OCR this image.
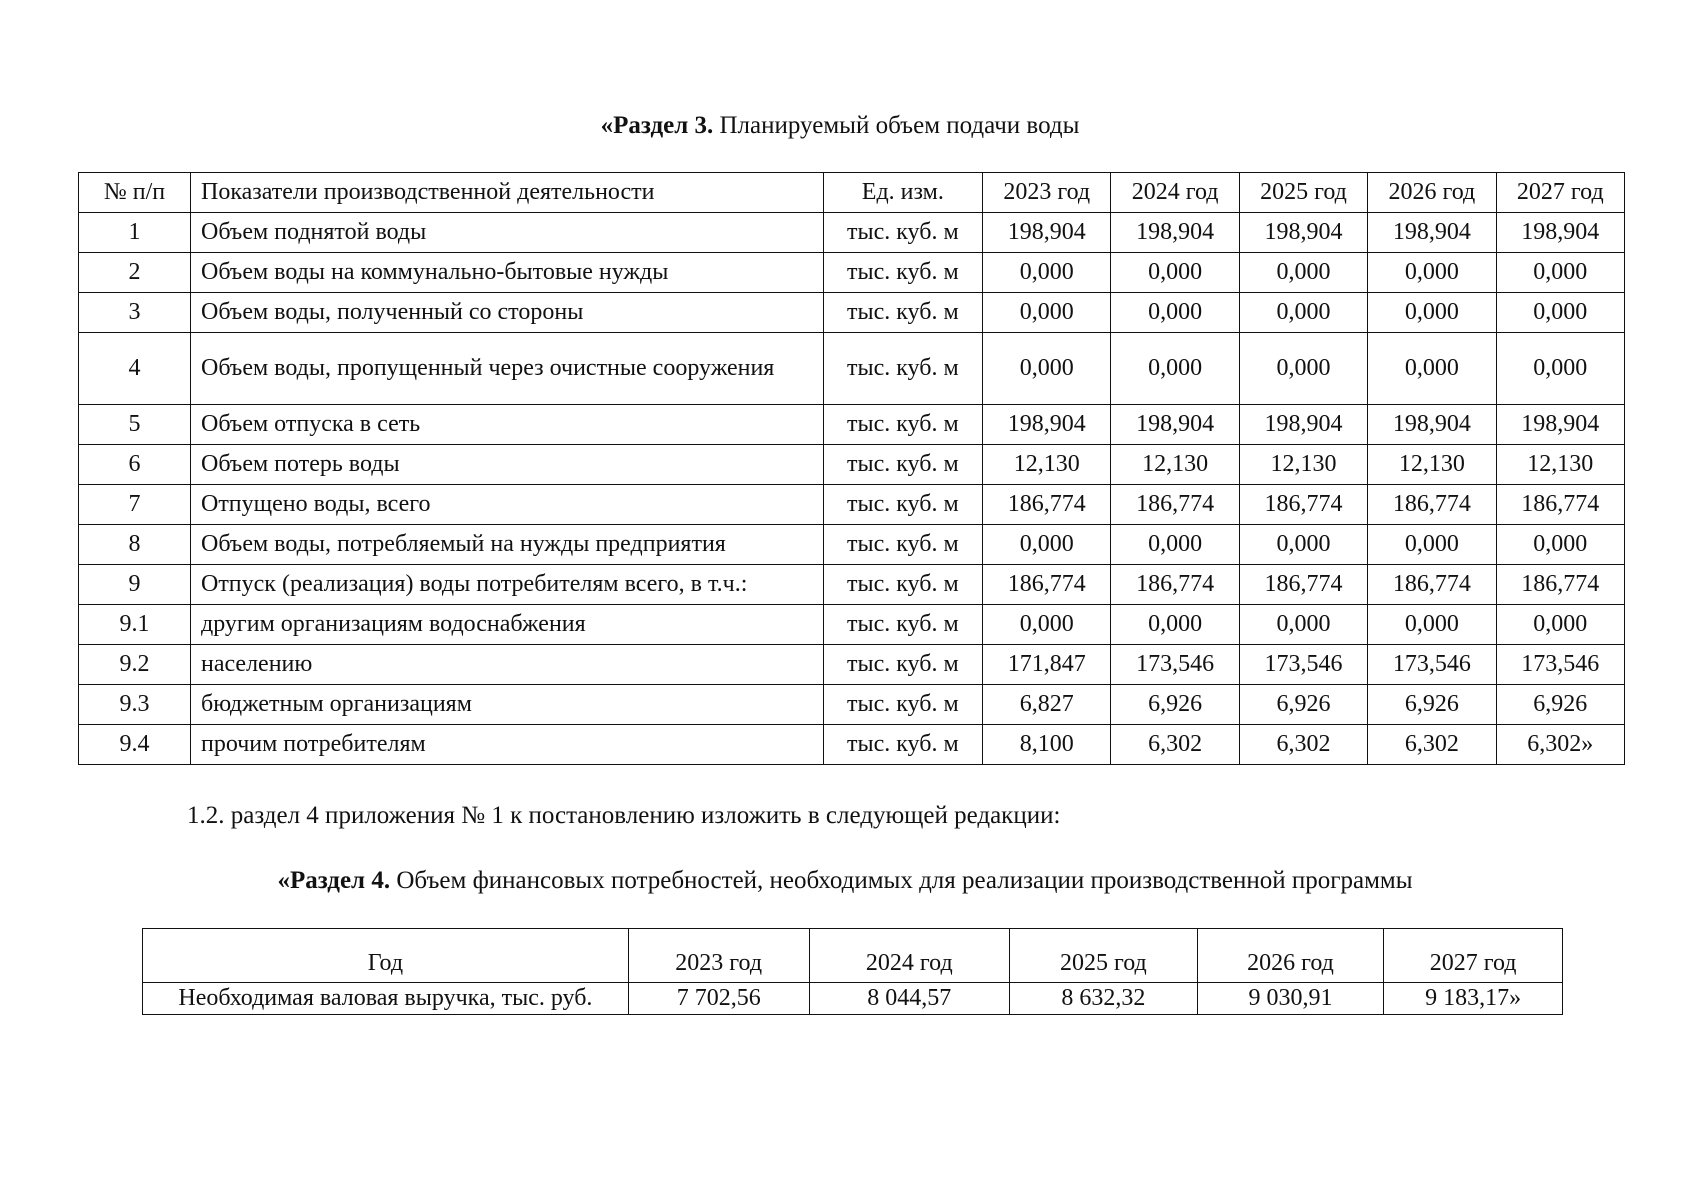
«Раздел 3. Планируемый объем подачи воды
№ п/п	Показатели производственной деятельности	Ед. изм.	2023 год	2024 год	2025 год	2026 год	2027 год
1	Объем поднятой воды	тыс. куб. м	198,904	198,904	198,904	198,904	198,904
2	Объем воды на коммунально-бытовые нужды	тыс. куб. м	0,000	0,000	0,000	0,000	0,000
3	Объем воды, полученный со стороны	тыс. куб. м	0,000	0,000	0,000	0,000	0,000
4	Объем воды, пропущенный через очистные сооружения	тыс. куб. м	0,000	0,000	0,000	0,000	0,000
5	Объем отпуска в сеть	тыс. куб. м	198,904	198,904	198,904	198,904	198,904
6	Объем потерь воды	тыс. куб. м	12,130	12,130	12,130	12,130	12,130
7	Отпущено воды, всего	тыс. куб. м	186,774	186,774	186,774	186,774	186,774
8	Объем воды, потребляемый на нужды предприятия	тыс. куб. м	0,000	0,000	0,000	0,000	0,000
9	Отпуск (реализация) воды потребителям всего, в т.ч.:	тыс. куб. м	186,774	186,774	186,774	186,774	186,774
9.1	другим организациям водоснабжения	тыс. куб. м	0,000	0,000	0,000	0,000	0,000
9.2	населению	тыс. куб. м	171,847	173,546	173,546	173,546	173,546
9.3	бюджетным организациям	тыс. куб. м	6,827	6,926	6,926	6,926	6,926
9.4	прочим потребителям	тыс. куб. м	8,100	6,302	6,302	6,302	6,302»
1.2. раздел 4 приложения № 1 к постановлению изложить в следующей редакции:
«Раздел 4. Объем финансовых потребностей, необходимых для реализации производственной программы
Год	2023 год	2024 год	2025 год	2026 год	2027 год
Необходимая валовая выручка, тыс. руб.	7 702,56	8 044,57	8 632,32	9 030,91	9 183,17»
